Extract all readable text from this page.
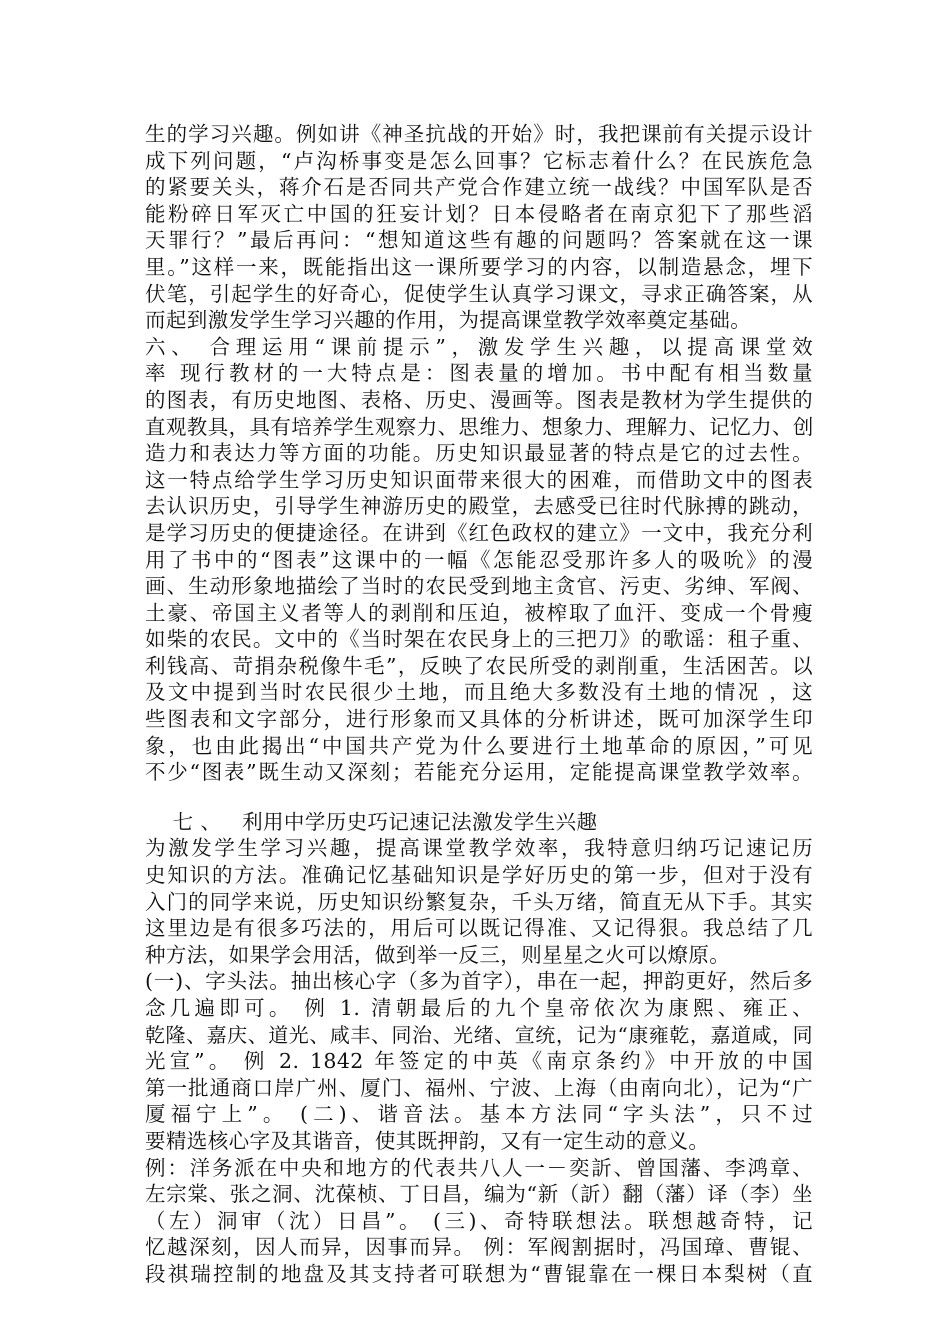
生的学习兴趣。例如讲《神圣抗战的开始》时，我把课前有关提示设计
成下列问题，“卢沟桥事变是怎么回事？它标志着什么？在民族危急
的紧要关头，蒋介石是否同共产党合作建立统一战线？中国军队是否
能粉碎日军灭亡中国的狂妄计划？日本侵略者在南京犯下了那些滔
天罪行？”最后再问：“想知道这些有趣的问题吗？答案就在这一课
里。”这样一来，既能指出这一课所要学习的内容，以制造悬念，埋下
伏笔，引起学生的好奇心，促使学生认真学习课文，寻求正确答案，从
而起到激发学生学习兴趣的作用，为提高课堂教学效率奠定基础。
六、 合理运用“课前提示”，激发学生兴趣，以提高课堂效
率 现行教材的一大特点是：图表量的增加。书中配有相当数量
的图表，有历史地图、表格、历史、漫画等。图表是教材为学生提供的
直观教具，具有培养学生观察力、思维力、想象力、理解力、记忆力、创
造力和表达力等方面的功能。历史知识最显著的特点是它的过去性。
这一特点给学生学习历史知识面带来很大的困难，而借助文中的图表
去认识历史，引导学生神游历史的殿堂，去感受已往时代脉搏的跳动，
是学习历史的便捷途径。在讲到《红色政权的建立》一文中，我充分利
用了书中的“图表”这课中的一幅《怎能忍受那许多人的吸吮》的漫
画、生动形象地描绘了当时的农民受到地主贪官、污吏、劣绅、军阀、
土豪、帝国主义者等人的剥削和压迫，被榨取了血汗、变成一个骨瘦
如柴的农民。文中的《当时架在农民身上的三把刀》的歌谣：租子重、
利钱高、苛捐杂税像牛毛”，反映了农民所受的剥削重，生活困苦。以
及文中提到当时农民很少土地，而且绝大多数没有土地的情况 ，这
些图表和文字部分，进行形象而又具体的分析讲述，既可加深学生印
象，也由此揭出“中国共产党为什么要进行土地革命的原因，”可见
不少“图表”既生动又深刻；若能充分运用，定能提高课堂教学效率。
七 、   利用中学历史巧记速记法激发学生兴趣
为激发学生学习兴趣，提高课堂教学效率，我特意归纳巧记速记历
史知识的方法。准确记忆基础知识是学好历史的第一步，但对于没有
入门的同学来说，历史知识纷繁复杂，千头万绪，简直无从下手。其实
这里边是有很多巧法的，用后可以既记得准、又记得狠。我总结了几
种方法，如果学会用活，做到举一反三，则星星之火可以燎原。
(一)、字头法。抽出核心字（多为首字），串在一起，押韵更好，然后多
念几遍即可。 例 1. 清朝最后的九个皇帝依次为康熙、雍正、
乾隆、嘉庆、道光、咸丰、同治、光绪、宣统，记为“康雍乾，嘉道咸，同
光宣”。 例 2. 1842 年签定的中英《南京条约》中开放的中国
第一批通商口岸广州、厦门、福州、宁波、上海（由南向北），记为“广
厦福宁上”。 (二)、谐音法。基本方法同“字头法”，只不过
要精选核心字及其谐音，使其既押韵，又有一定生动的意义。
例：洋务派在中央和地方的代表共八人一－奕訢、曾国藩、李鸿章、
左宗棠、张之洞、沈葆桢、丁日昌，编为“新（訢）翻（藩）译（李）坐
（左）洞审（沈）日昌”。 (三)、奇特联想法。联想越奇特，记
忆越深刻，因人而异，因事而异。 例：军阀割据时，冯国璋、曹锟、
段祺瑞控制的地盘及其支持者可联想为“曹锟靠在一棵日本梨树（直
